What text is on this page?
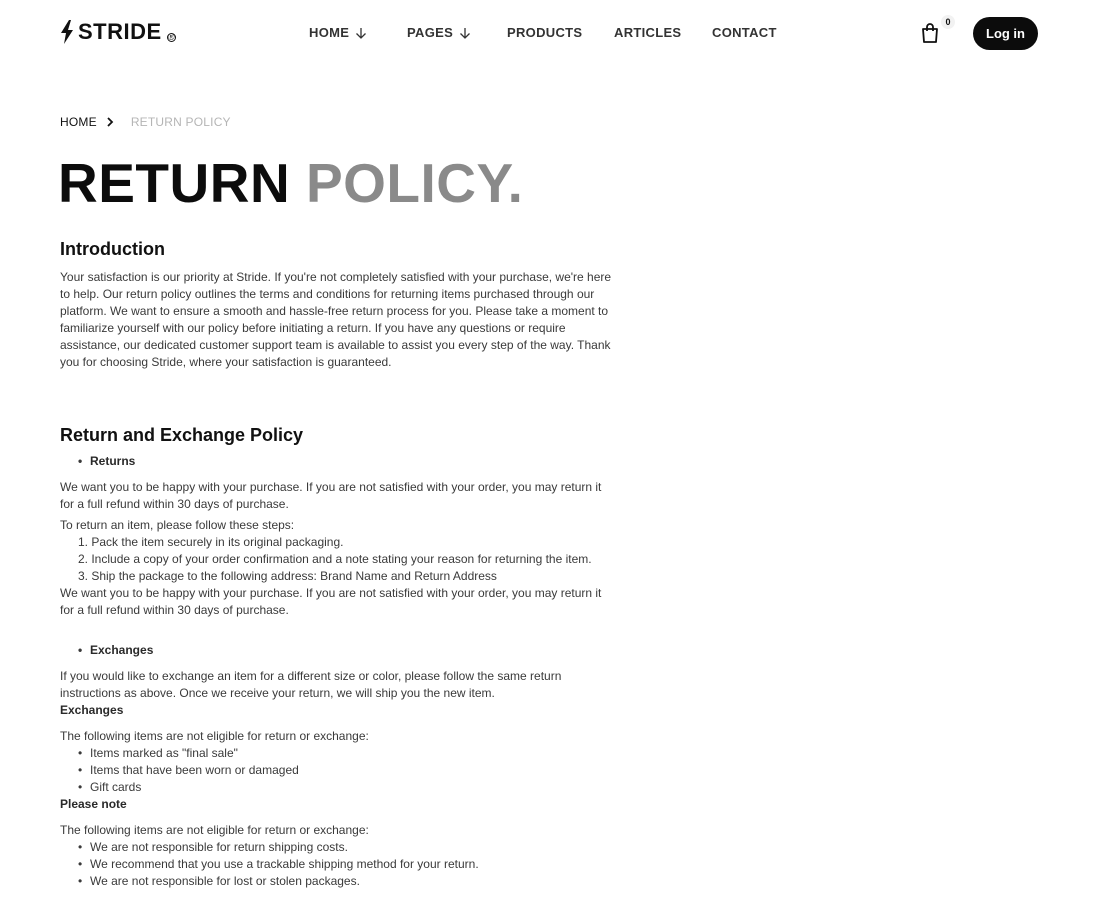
STRIDE ®	HOME	PAGES	PRODUCTS ARTICLES CONTACT
0
Log in
HOME	RETURN POLICY
RETURN POLICY.
Introduction

Your satisfaction is our priority at Stride. If you're not completely satisfied with your purchase, we're here to help. Our return policy outlines the terms and conditions for returning items purchased through our platform. We want to ensure a smooth and hassle-free return process for you. Please take a moment to familiarize yourself with our policy before initiating a return. If you have any questions or require assistance, our dedicated customer support team is available to assist you every step of the way. Thank you for choosing Stride, where your satisfaction is guaranteed.

Return and Exchange Policy
• Returns

We want you to be happy with your purchase. If you are not satisfied with your order, you may return it for a full refund within 30 days of purchase.

To return an item, please follow these steps:

1. Pack the item securely in its original packaging.
2. Include a copy of your order confirmation and a note stating your reason for returning the item.
3. Ship the package to the following address: Brand Name and Return Address

We want you to be happy with your purchase. If you are not satisfied with your order, you may return it for a full refund within 30 days of purchase.

• Exchanges

If you would like to exchange an item for a different size or color, please follow the same return instructions as above. Once we receive your return, we will ship you the new item.

Exchanges

The following items are not eligible for return or exchange:

• Items marked as "final sale"
• Items that have been worn or damaged
• Gift cards

Please note

The following items are not eligible for return or exchange:

• We are not responsible for return shipping costs.
• We recommend that you use a trackable shipping method for your return.
• We are not responsible for lost or stolen packages.
